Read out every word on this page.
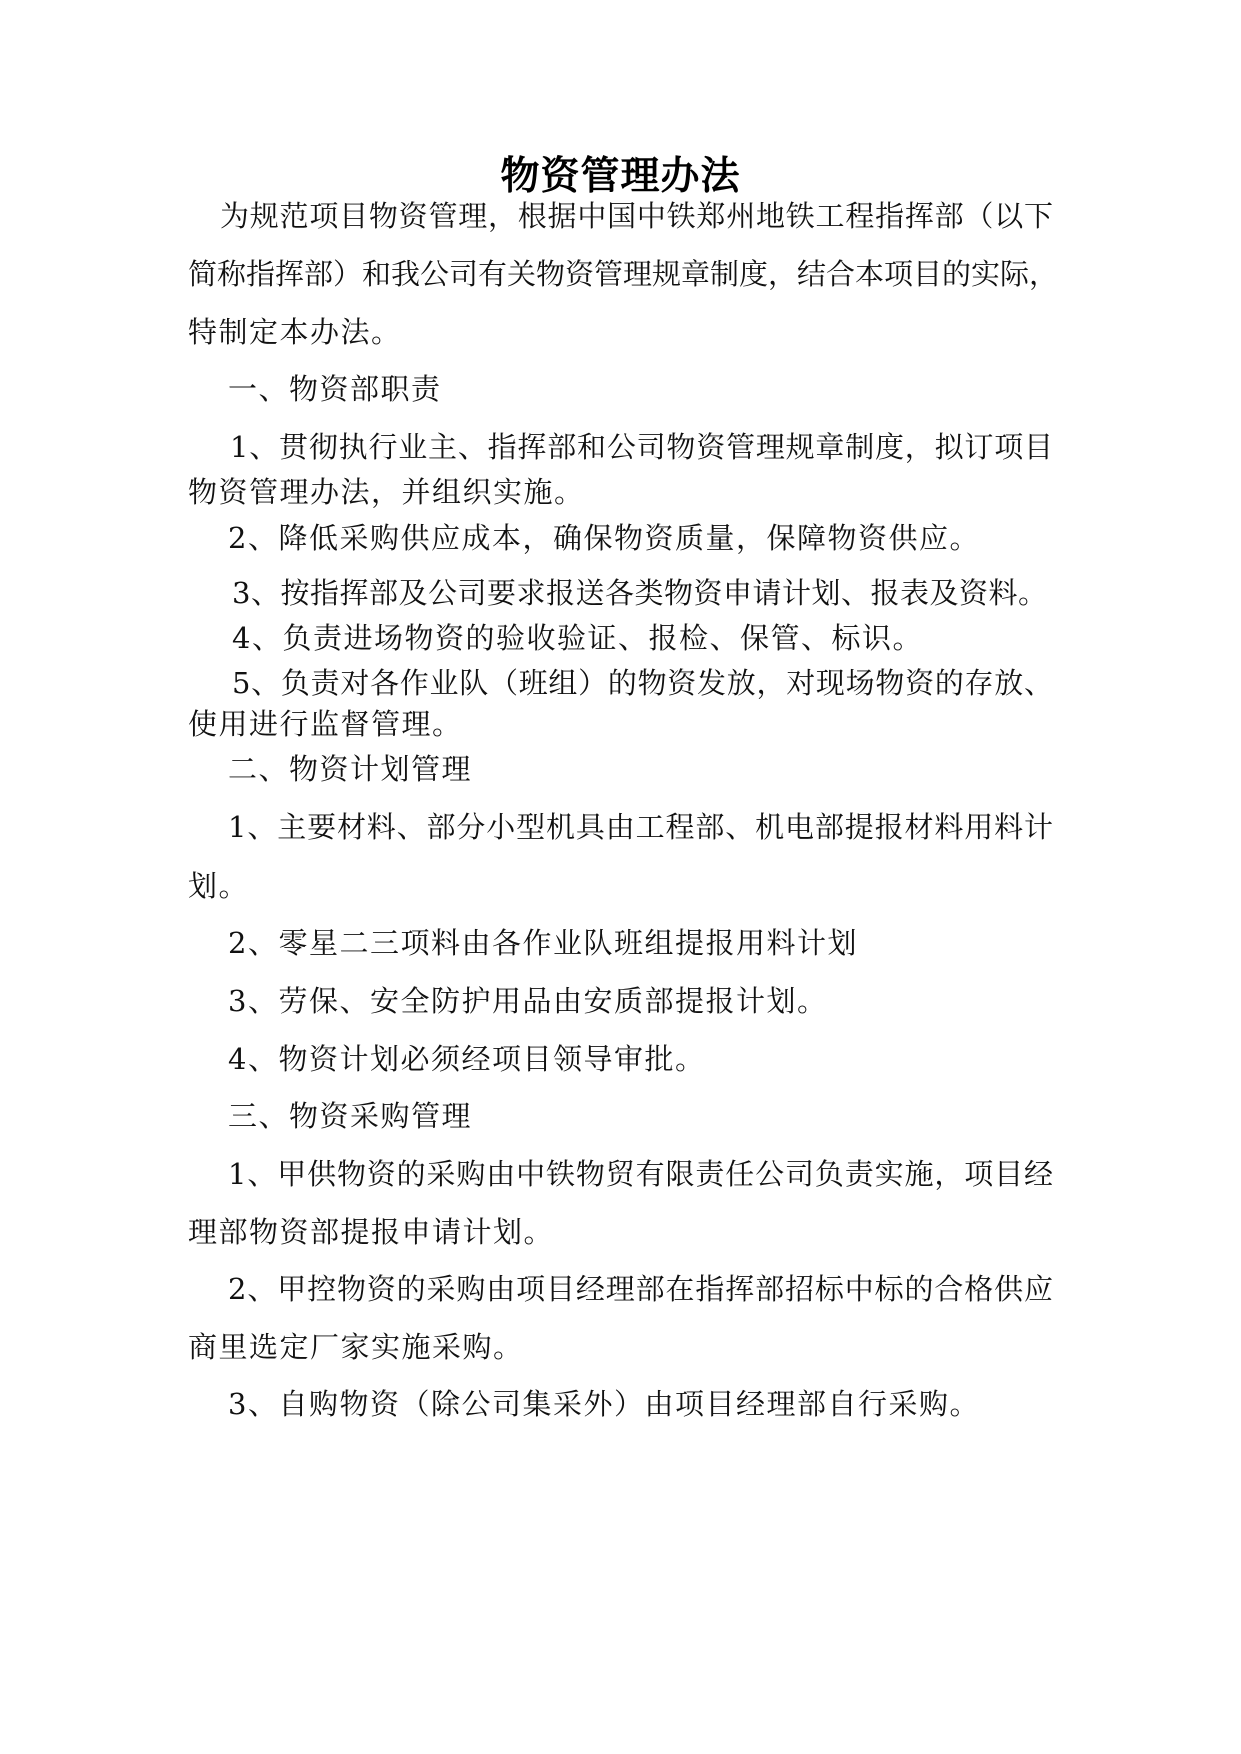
物资管理办法
为规范项目物资管理，根据中国中铁郑州地铁工程指挥部（以下
简称指挥部）和我公司有关物资管理规章制度，结合本项目的实际，
特制定本办法。
一、物资部职责
1、贯彻执行业主、指挥部和公司物资管理规章制度，拟订项目
物资管理办法，并组织实施。
2、降低采购供应成本，确保物资质量，保障物资供应。
3、按指挥部及公司要求报送各类物资申请计划、报表及资料。
4、负责进场物资的验收验证、报检、保管、标识。
5、负责对各作业队（班组）的物资发放，对现场物资的存放、
使用进行监督管理。
二、物资计划管理
1、主要材料、部分小型机具由工程部、机电部提报材料用料计
划。
2、零星二三项料由各作业队班组提报用料计划
3、劳保、安全防护用品由安质部提报计划。
4、物资计划必须经项目领导审批。
三、物资采购管理
1、甲供物资的采购由中铁物贸有限责任公司负责实施，项目经
理部物资部提报申请计划。
2、甲控物资的采购由项目经理部在指挥部招标中标的合格供应
商里选定厂家实施采购。
3、自购物资（除公司集采外）由项目经理部自行采购。
